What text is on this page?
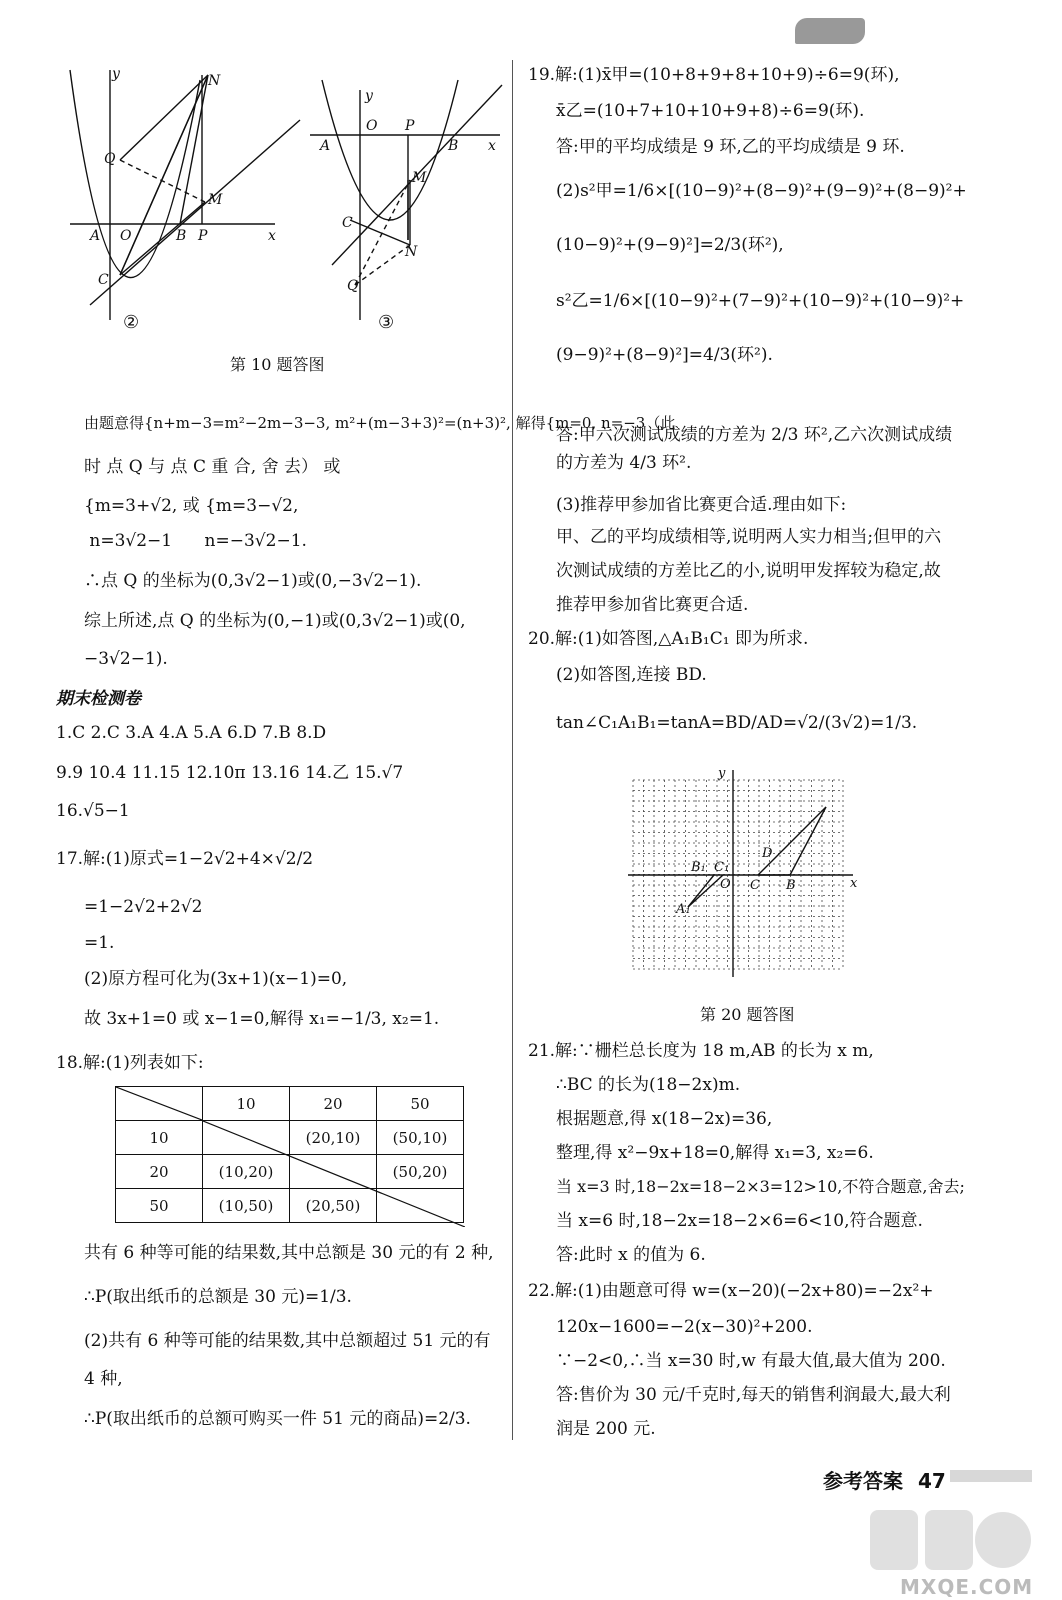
y	N
Q
M
A O	B P	x
C
y
O P
A	B x
M
C
N
Q
②	③
第 10 题答图
由题意得{n+m−3=m²−2m−3−3, m²+(m−3+3)²=(n+3)², 解得{m=0, n=−3（此
时 点 Q 与 点 C 重 合, 舍 去） 或
{m=3+√2, 或 {m=3−√2,
n=3√2−1      n=−3√2−1.
∴点 Q 的坐标为(0,3√2−1)或(0,−3√2−1).
综上所述,点 Q 的坐标为(0,−1)或(0,3√2−1)或(0,
−3√2−1).
期末检测卷
1.C 2.C 3.A 4.A 5.A 6.D 7.B 8.D
9.9 10.4 11.15 12.10π 13.16 14.乙 15.√7
16.√5−1
17.解:(1)原式=1−2√2+4×√2/2
=1−2√2+2√2
=1.
(2)原方程可化为(3x+1)(x−1)=0,
故 3x+1=0 或 x−1=0,解得 x₁=−1/3, x₂=1.
18.解:(1)列表如下:
共有 6 种等可能的结果数,其中总额是 30 元的有 2 种,
∴P(取出纸币的总额是 30 元)=1/3.
(2)共有 6 种等可能的结果数,其中总额超过 51 元的有
4 种,
∴P(取出纸币的总额可购买一件 51 元的商品)=2/3.
	10	20	50
10		(20,10)	(50,10)
20	(10,20)		(50,20)
50	(10,50)	(20,50)	
19.解:(1)x̄甲=(10+8+9+8+10+9)÷6=9(环),
x̄乙=(10+7+10+10+9+8)÷6=9(环).
答:甲的平均成绩是 9 环,乙的平均成绩是 9 环.
(2)s²甲=1/6×[(10−9)²+(8−9)²+(9−9)²+(8−9)²+
(10−9)²+(9−9)²]=2/3(环²),
s²乙=1/6×[(10−9)²+(7−9)²+(10−9)²+(10−9)²+
(9−9)²+(8−9)²]=4/3(环²).
答:甲六次测试成绩的方差为 2/3 环²,乙六次测试成绩
的方差为 4/3 环².
(3)推荐甲参加省比赛更合适.理由如下:
甲、乙的平均成绩相等,说明两人实力相当;但甲的六
次测试成绩的方差比乙的小,说明甲发挥较为稳定,故
推荐甲参加省比赛更合适.
20.解:(1)如答图,△A₁B₁C₁ 即为所求.
(2)如答图,连接 BD.
tan∠C₁A₁B₁=tanA=BD/AD=√2/(3√2)=1/3.
21.解:∵栅栏总长度为 18 m,AB 的长为 x m,
∴BC 的长为(18−2x)m.
根据题意,得 x(18−2x)=36,
整理,得 x²−9x+18=0,解得 x₁=3, x₂=6.
当 x=3 时,18−2x=18−2×3=12>10,不符合题意,舍去;
当 x=6 时,18−2x=18−2×6=6<10,符合题意.
答:此时 x 的值为 6.
22.解:(1)由题意可得 w=(x−20)(−2x+80)=−2x²+
120x−1600=−2(x−30)²+200.
∵−2<0,∴当 x=30 时,w 有最大值,最大值为 200.
答:售价为 30 元/千克时,每天的销售利润最大,最大利
润是 200 元.
y
x
B₁ C₁
O C B
D
A₁
第 20 题答图
参考答案 47
MXQE.COM
